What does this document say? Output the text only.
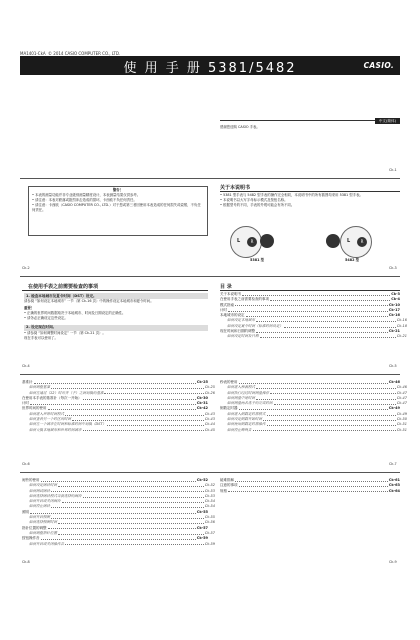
MA1401-CkA © 2014 CASIO COMPUTER CO., LTD.
使 用 手 册 5381/5482	CASIO.
中文(简体)
感谢您选购 CASIO 手表。
Ck-1
警告！
• 本表的测量功能并非专业级别测量精度设计，本表测量结果仅供参考。
• 请注意：本表对跌落或剧烈冲击造成的损坏，卡西欧不负任何责任。
• 请注意：卡西欧（CASIO COMPUTER CO., LTD.）对于您或第三者因使用本表造成的任何损失或索赔，不负任何责任。
Ck-2
关于本说明书
• 5381 型手表与 5482 型手表的操作完全相同，本说明书中的所有插图均采用 5381 型手表。
• 本说明书以大写字母标示模式及按钮名称。
• 根据型号的不同，手表的外观可能会有所不同。
L	R	L	R
5381 型	5482 型
Ck-3
在使用手表之前需要检查的事项
1. 检查本地城市及夏令时间（DST）设定。
请参阅 “如何设定本地城市” 一节（第 Ck-16 页）中的操作设定本地城市和夏令时间。
重要！
• 正确的世界时间数据取决于本地城市、时间及日期设定的正确性。
• 请务必正确设定这些设定。
2. 设定现在时间。
• 请参阅 “如何调整时间设定” 一节（第 Ck-21 页）。
现在手表可以使用了。
Ck-4
目 录
关于本说明书	Ck-3
在使用手表之前需要检查的事项	Ck-4
模式指南	Ck-10
计时	Ck-17
本地城市的设定	Ck-16
如何设定本地城市	Ck-16
如何设定夏令时间（标准时间设定）	Ck-18
现在时间和日期的调整	Ck-21
如何设定时间及日期	Ck-21
Ck-5
基准针	Ck-25
如何调整基准	Ck-25
如何在通过（12）时对齐（手）之间切换的基准	Ck-26
在使用本手表的基准针（每次一开始）	Ck-30
计时	Ck-31
世界时间的使用	Ck-42
如何进入世界时间模式	Ck-43
如何查看另一个时区的时间	Ck-43
如何在一个城市在时间和标准时间中切换（DST）	Ck-44
如何交换本地城市和世界时间城市	Ck-45
秒表的使用	Ck-46
如何进入秒表模式	Ck-46
如何执行经过时间测量操作	Ck-47
如何测量中途时间	Ck-47
如何测量两名选手的完成时间	Ck-47
倒数定时器	Ck-49
如何进入倒数定时器模式	Ck-49
如何设定倒数开始时间	Ck-50
如何使用倒数定时器操作	Ck-51
如何停止蜂鸣音	Ck-51
Ck-6	Ck-7
闹铃的使用	Ck-52
如何设定闹铃时间	Ck-52
如何测试闹铃	Ck-53
如何选择闹铃模式当前选择的闹铃	Ck-53
如何开启或关闭闹铃	Ck-54
如何停止闹铃	Ck-54
照明	Ck-55
如何开启照明	Ck-55
如何选择照明时间	Ck-56
指针位置的调整	Ck-57
如何调整指针位置	Ck-57
按钮操作音	Ck-59
如何开启或关闭操作音	Ck-59
疑难排解	Ck-61
注意的事项	Ck-63
规格	Ck-64
Ck-8	Ck-9
